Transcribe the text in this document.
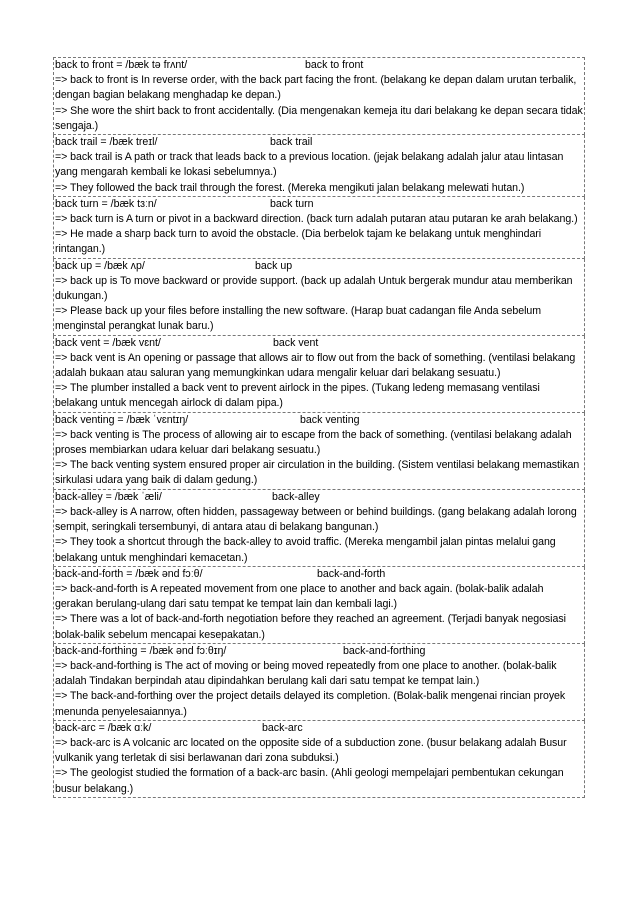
back to front = /bæk tə frʌnt/	back to front
=> back to front is In reverse order, with the back part facing the front. (belakang ke depan dalam urutan terbalik, dengan bagian belakang menghadap ke depan.)
=> She wore the shirt back to front accidentally. (Dia mengenakan kemeja itu dari belakang ke depan secara tidak sengaja.)
back trail = /bæk treɪl/	back trail
=> back trail is A path or track that leads back to a previous location. (jejak belakang adalah jalur atau lintasan yang mengarah kembali ke lokasi sebelumnya.)
=> They followed the back trail through the forest. (Mereka mengikuti jalan belakang melewati hutan.)
back turn = /bæk tɜːn/	back turn
=> back turn is A turn or pivot in a backward direction. (back turn adalah putaran atau putaran ke arah belakang.)
=> He made a sharp back turn to avoid the obstacle. (Dia berbelok tajam ke belakang untuk menghindari rintangan.)
back up = /bæk ʌp/	back up
=> back up is To move backward or provide support. (back up adalah Untuk bergerak mundur atau memberikan dukungan.)
=> Please back up your files before installing the new software. (Harap buat cadangan file Anda sebelum menginstal perangkat lunak baru.)
back vent = /bæk vɛnt/	back vent
=> back vent is An opening or passage that allows air to flow out from the back of something. (ventilasi belakang adalah bukaan atau saluran yang memungkinkan udara mengalir keluar dari belakang sesuatu.)
=> The plumber installed a back vent to prevent airlock in the pipes. (Tukang ledeng memasang ventilasi belakang untuk mencegah airlock di dalam pipa.)
back venting = /bæk ˈvɛntɪŋ/	back venting
=> back venting is The process of allowing air to escape from the back of something. (ventilasi belakang adalah proses membiarkan udara keluar dari belakang sesuatu.)
=> The back venting system ensured proper air circulation in the building. (Sistem ventilasi belakang memastikan sirkulasi udara yang baik di dalam gedung.)
back-alley = /bæk ˈæli/	back-alley
=> back-alley is A narrow, often hidden, passageway between or behind buildings. (gang belakang adalah lorong sempit, seringkali tersembunyi, di antara atau di belakang bangunan.)
=> They took a shortcut through the back-alley to avoid traffic. (Mereka mengambil jalan pintas melalui gang belakang untuk menghindari kemacetan.)
back-and-forth = /bæk ənd fɔːθ/	back-and-forth
=> back-and-forth is A repeated movement from one place to another and back again. (bolak-balik adalah gerakan berulang-ulang dari satu tempat ke tempat lain dan kembali lagi.)
=> There was a lot of back-and-forth negotiation before they reached an agreement. (Terjadi banyak negosiasi bolak-balik sebelum mencapai kesepakatan.)
back-and-forthing = /bæk ənd fɔːθɪŋ/	back-and-forthing
=> back-and-forthing is The act of moving or being moved repeatedly from one place to another. (bolak-balik adalah Tindakan berpindah atau dipindahkan berulang kali dari satu tempat ke tempat lain.)
=> The back-and-forthing over the project details delayed its completion. (Bolak-balik mengenai rincian proyek menunda penyelesaiannya.)
back-arc = /bæk ɑːk/	back-arc
=> back-arc is A volcanic arc located on the opposite side of a subduction zone. (busur belakang adalah Busur vulkanik yang terletak di sisi berlawanan dari zona subduksi.)
=> The geologist studied the formation of a back-arc basin. (Ahli geologi mempelajari pembentukan cekungan busur belakang.)
